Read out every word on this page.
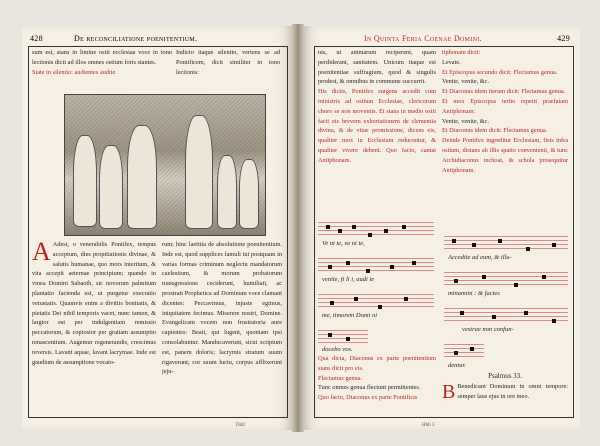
428	De reconciliatione poenitentium.

sum est, stans in limine ostii ecclesiae voce in tono lectionis dicit ad illos omnes ostium foris stantes.

State in silentio: audientes audite.

Indicto itaque silentio, vertens se ad Pontificem, dicit similiter in tono lectionis:

A Adest, o venerabilis Pontifex, tempus acceptum, dies propitiationis divinae, & salutis humanae, quo mors interitum, & vita accepit aeternae principium; quando in vinea Domini Sabaoth, sic novorum palmitum plantatio facienda est, ut purgetur execratio vetustatis. Quamvis enim a divitiis bonitatis, & pietatis Dei nihil temporis vacet, nunc tamen, & largior est per indulgentiam remissio peccatorum, & copiosior per gratiam assumptio renascentium. Augemur regenerandis, crescimus reversis. Lavant aquae, lavant lacrymae. Inde est gaudium de assumptione vocato-

rum; hinc laetitia de absolutione poenitentium. Inde est, quod supplices famuli tui postquam in varias formas criminum neglectu mandatorum caelestium, & morum probatorum transgressione ceciderunt, humiliati, ac prostrati Prophetica ad Dominum voce clamant dicentes: Peccavimus, injuste egimus, iniquitatem fecimus. Miserere nostri, Domine. Evangelicam vocem non frustratoria aure capientes: Beati, qui lugent, quoniam ipsi consolabuntur. Manducaverunt, sicut scriptum est, panem doloris; lacrymis stratum suum rigaverunt; cor suum luctu, corpus afflixerunt jeju-

Ddd
In Quinta Feria Coenae Domini.	429

nis, ut animarum reciperent, quam perdiderant, sanitatem. Unicum itaque est poenitentiae suffragium, quod & singulis prodest, & omnibus in commune succurrit.

His dictis, Pontifex surgens accedit cum ministris ad ostium Ecclesiae, clericorum choro se non moventis. Et stans in medio ostii facit eis brevem exhortationem de clementia divina, & de vitae promissione, dicens eis, qualiter mox in Ecclesiam reducentur, & qualiter vivere debent. Quo facto, cantat Antiphonam.

tiphonam dicit:

Levate.

Et Episcopus secundo dicit: Flectamus genua.

Venite, venite, &c.

Et Diaconus idem iterum dicit: Flectamus genua.

Et mox Episcopus tertio repetit praefatam Antiphonam:

Venite, venite, &c.

Et Diaconus idem dicit: Flectamus genua.

Deinde Pontifex ingreditur Ecclesiam, fisis infra ostium, distans ab illis spatio convenienti, & tunc Archidiaconus inchoat, & schola prosequitur Antiphonam.

Ve ni te, ve ni te,
venite, fi li i, audi te
me, timorem Domi ni
docebo vos.
Accedite ad eum, & illu-
minamini : & facies
vestrae non confun-
dentur.

Qua dicta, Diaconus ex parte poenitentium stans dicit pro eis.

Flectamus genua.

Tunc omnes genua flectunt permittentes.

Quo facto, Diaconus ex parte Pontificis

Psalmus 33.

B Benedicam Dominum in omni tempore: semper laus ejus in ore meo.

Hhh 3
